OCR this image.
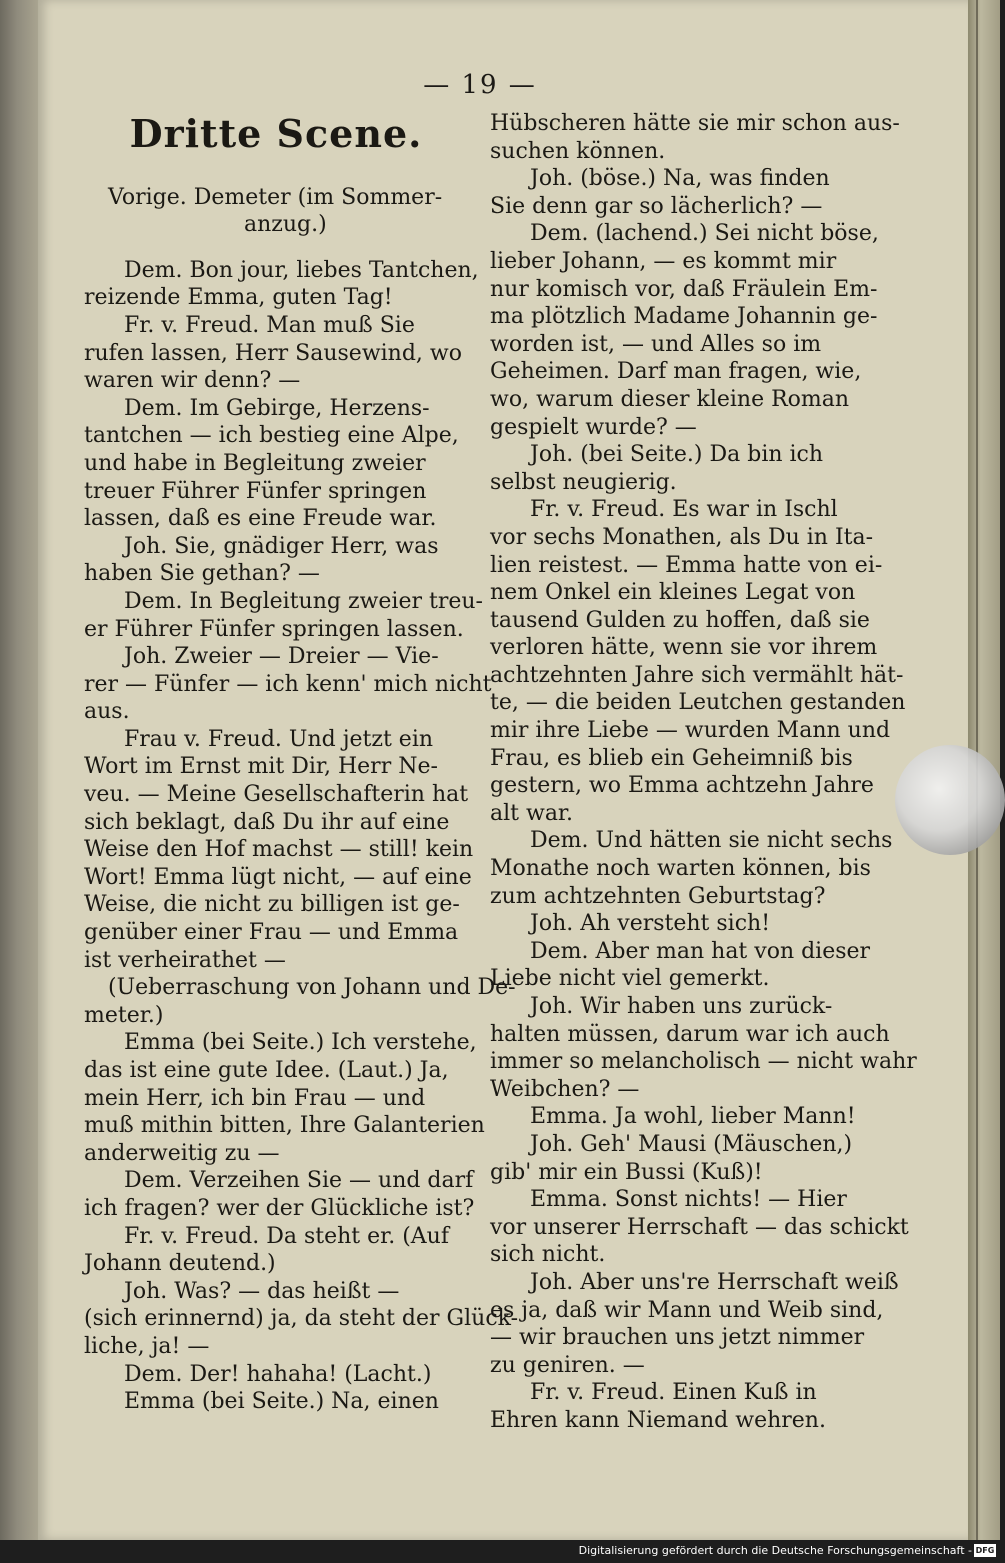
— 19 —
Dritte Scene.
Vorige. Demeter (im Sommer-
anzug.)
Dem. Bon jour, liebes Tantchen,
reizende Emma, guten Tag!
Fr. v. Freud. Man muß Sie
rufen lassen, Herr Sausewind, wo
waren wir denn? —
Dem. Im Gebirge, Herzens-
tantchen — ich bestieg eine Alpe,
und habe in Begleitung zweier
treuer Führer Fünfer springen
lassen, daß es eine Freude war.
Joh. Sie, gnädiger Herr, was
haben Sie gethan? —
Dem. In Begleitung zweier treu-
er Führer Fünfer springen lassen.
Joh. Zweier — Dreier — Vie-
rer — Fünfer — ich kenn' mich nicht
aus.
Frau v. Freud. Und jetzt ein
Wort im Ernst mit Dir, Herr Ne-
veu. — Meine Gesellschafterin hat
sich beklagt, daß Du ihr auf eine
Weise den Hof machst — still! kein
Wort! Emma lügt nicht, — auf eine
Weise, die nicht zu billigen ist ge-
genüber einer Frau — und Emma
ist verheirathet —
(Ueberraschung von Johann und De-
meter.)
Emma (bei Seite.) Ich verstehe,
das ist eine gute Idee. (Laut.) Ja,
mein Herr, ich bin Frau — und
muß mithin bitten, Ihre Galanterien
anderweitig zu —
Dem. Verzeihen Sie — und darf
ich fragen? wer der Glückliche ist?
Fr. v. Freud. Da steht er. (Auf
Johann deutend.)
Joh. Was? — das heißt —
(sich erinnernd) ja, da steht der Glück-
liche, ja! —
Dem. Der! hahaha! (Lacht.)
Emma (bei Seite.) Na, einen
Hübscheren hätte sie mir schon aus-
suchen können.
Joh. (böse.) Na, was finden
Sie denn gar so lächerlich? —
Dem. (lachend.) Sei nicht böse,
lieber Johann, — es kommt mir
nur komisch vor, daß Fräulein Em-
ma plötzlich Madame Johannin ge-
worden ist, — und Alles so im
Geheimen. Darf man fragen, wie,
wo, warum dieser kleine Roman
gespielt wurde? —
Joh. (bei Seite.) Da bin ich
selbst neugierig.
Fr. v. Freud. Es war in Ischl
vor sechs Monathen, als Du in Ita-
lien reistest. — Emma hatte von ei-
nem Onkel ein kleines Legat von
tausend Gulden zu hoffen, daß sie
verloren hätte, wenn sie vor ihrem
achtzehnten Jahre sich vermählt hät-
te, — die beiden Leutchen gestanden
mir ihre Liebe — wurden Mann und
Frau, es blieb ein Geheimniß bis
gestern, wo Emma achtzehn Jahre
alt war.
Dem. Und hätten sie nicht sechs
Monathe noch warten können, bis
zum achtzehnten Geburtstag?
Joh. Ah versteht sich!
Dem. Aber man hat von dieser
Liebe nicht viel gemerkt.
Joh. Wir haben uns zurück-
halten müssen, darum war ich auch
immer so melancholisch — nicht wahr
Weibchen? —
Emma. Ja wohl, lieber Mann!
Joh. Geh' Mausi (Mäuschen,)
gib' mir ein Bussi (Kuß)!
Emma. Sonst nichts! — Hier
vor unserer Herrschaft — das schickt
sich nicht.
Joh. Aber uns're Herrschaft weiß
es ja, daß wir Mann und Weib sind,
— wir brauchen uns jetzt nimmer
zu geniren. —
Fr. v. Freud. Einen Kuß in
Ehren kann Niemand wehren.
Digitalisierung gefördert durch die Deutsche Forschungsgemeinschaft - DFG
